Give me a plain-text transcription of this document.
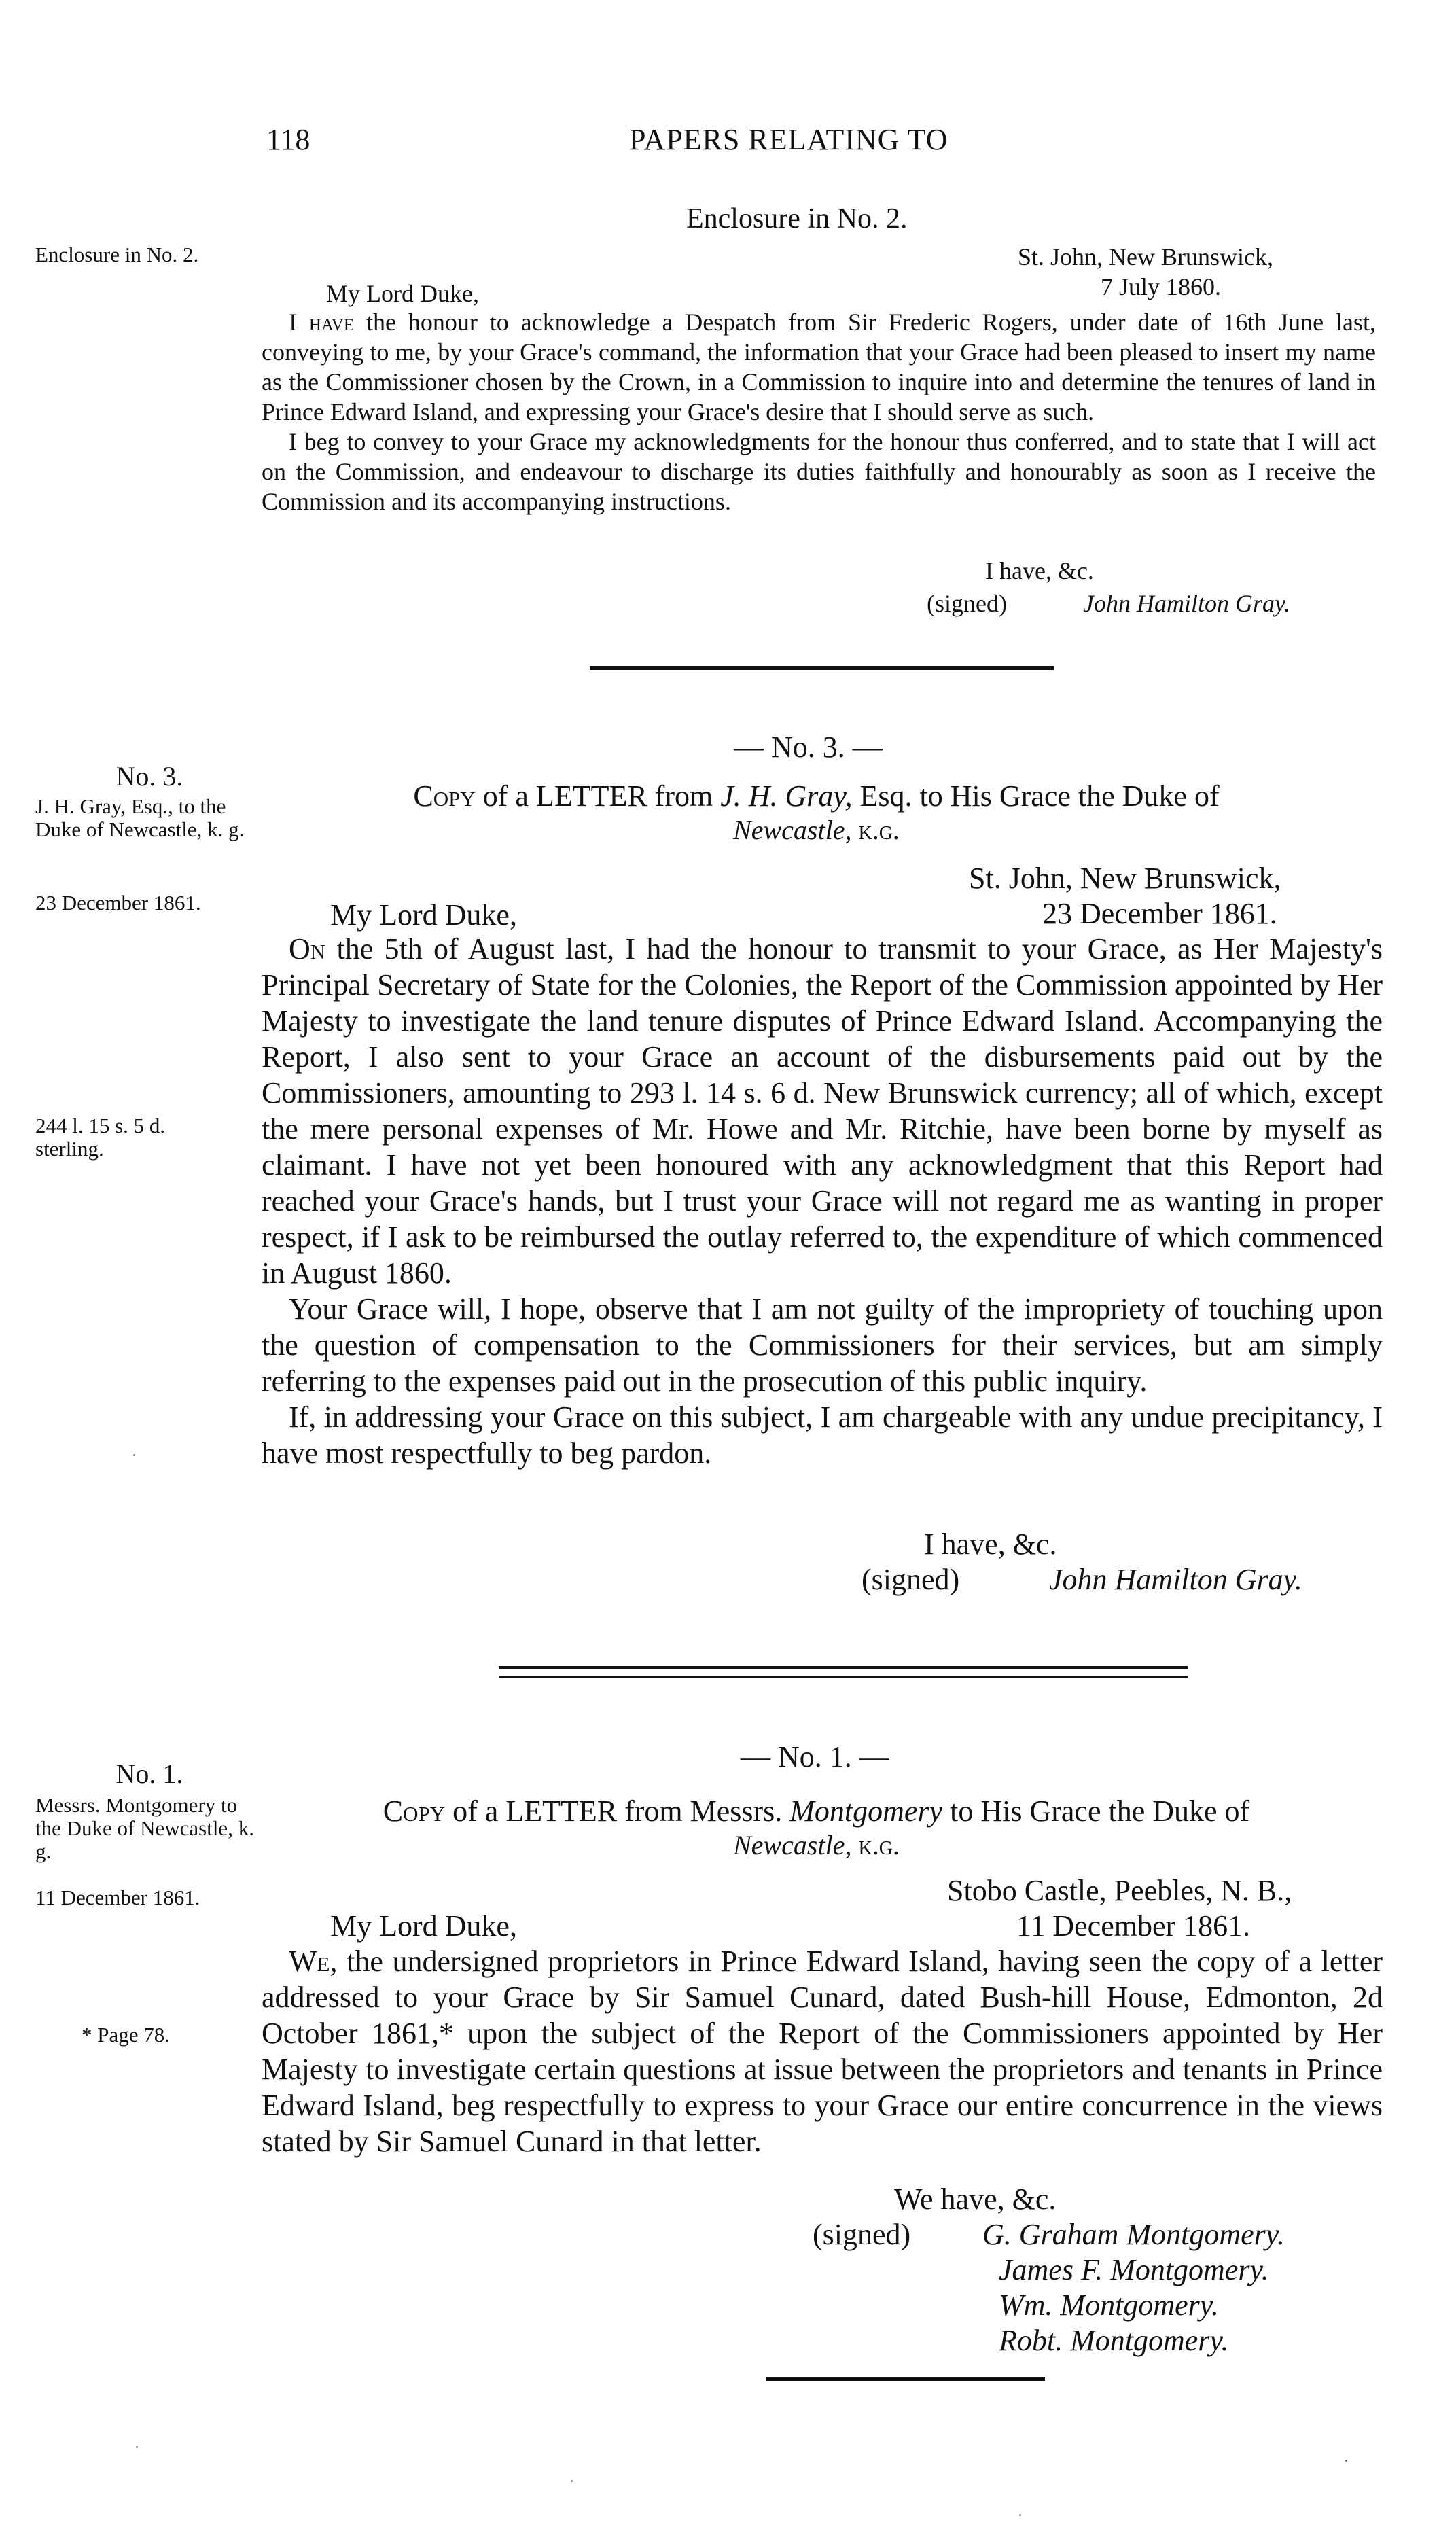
118	PAPERS RELATING TO
Enclosure in No. 2.
Enclosure in No. 2.	St. John, New Brunswick,
7 July 1860.
My Lord Duke,

I have the honour to acknowledge a Despatch from Sir Frederic Rogers, under date of 16th June last, conveying to me, by your Grace's command, the information that your Grace had been pleased to insert my name as the Commissioner chosen by the Crown, in a Commission to inquire into and determine the tenures of land in Prince Edward Island, and expressing your Grace's desire that I should serve as such.

I beg to convey to your Grace my acknowledgments for the honour thus conferred, and to state that I will act on the Commission, and endeavour to discharge its duties faithfully and honourably as soon as I receive the Commission and its accompanying instructions.

I have, &c.
(signed)	John Hamilton Gray.
— No. 3. —
No. 3.
J. H. Gray, Esq., to the Duke of Newcastle, k. g.
23 December 1861.
244 l. 15 s. 5 d. sterling.
Copy of a LETTER from J. H. Gray, Esq. to His Grace the Duke of
Newcastle, k.g.
St. John, New Brunswick,
23 December 1861.
My Lord Duke,

On the 5th of August last, I had the honour to transmit to your Grace, as Her Majesty's Principal Secretary of State for the Colonies, the Report of the Commission appointed by Her Majesty to investigate the land tenure disputes of Prince Edward Island. Accompanying the Report, I also sent to your Grace an account of the disbursements paid out by the Commissioners, amounting to 293 l. 14 s. 6 d. New Brunswick currency; all of which, except the mere personal expenses of Mr. Howe and Mr. Ritchie, have been borne by myself as claimant. I have not yet been honoured with any acknowledgment that this Report had reached your Grace's hands, but I trust your Grace will not regard me as wanting in proper respect, if I ask to be reimbursed the outlay referred to, the expenditure of which commenced in August 1860.

Your Grace will, I hope, observe that I am not guilty of the impropriety of touching upon the question of compensation to the Commissioners for their services, but am simply referring to the expenses paid out in the prosecution of this public inquiry.

If, in addressing your Grace on this subject, I am chargeable with any undue precipitancy, I have most respectfully to beg pardon.

I have, &c.
(signed)	John Hamilton Gray.
— No. 1. —
No. 1.
Messrs. Montgomery to the Duke of Newcastle, k. g.
11 December 1861.
* Page 78.
Copy of a LETTER from Messrs. Montgomery to His Grace the Duke of
Newcastle, k.g.
Stobo Castle, Peebles, N. B.,
11 December 1861.
My Lord Duke,

We, the undersigned proprietors in Prince Edward Island, having seen the copy of a letter addressed to your Grace by Sir Samuel Cunard, dated Bush-hill House, Edmonton, 2d October 1861,* upon the subject of the Report of the Commissioners appointed by Her Majesty to investigate certain questions at issue between the proprietors and tenants in Prince Edward Island, beg respectfully to express to your Grace our entire concurrence in the views stated by Sir Samuel Cunard in that letter.

We have, &c.
(signed) G. Graham Montgomery.
James F. Montgomery.
Wm. Montgomery.
Robt. Montgomery.
